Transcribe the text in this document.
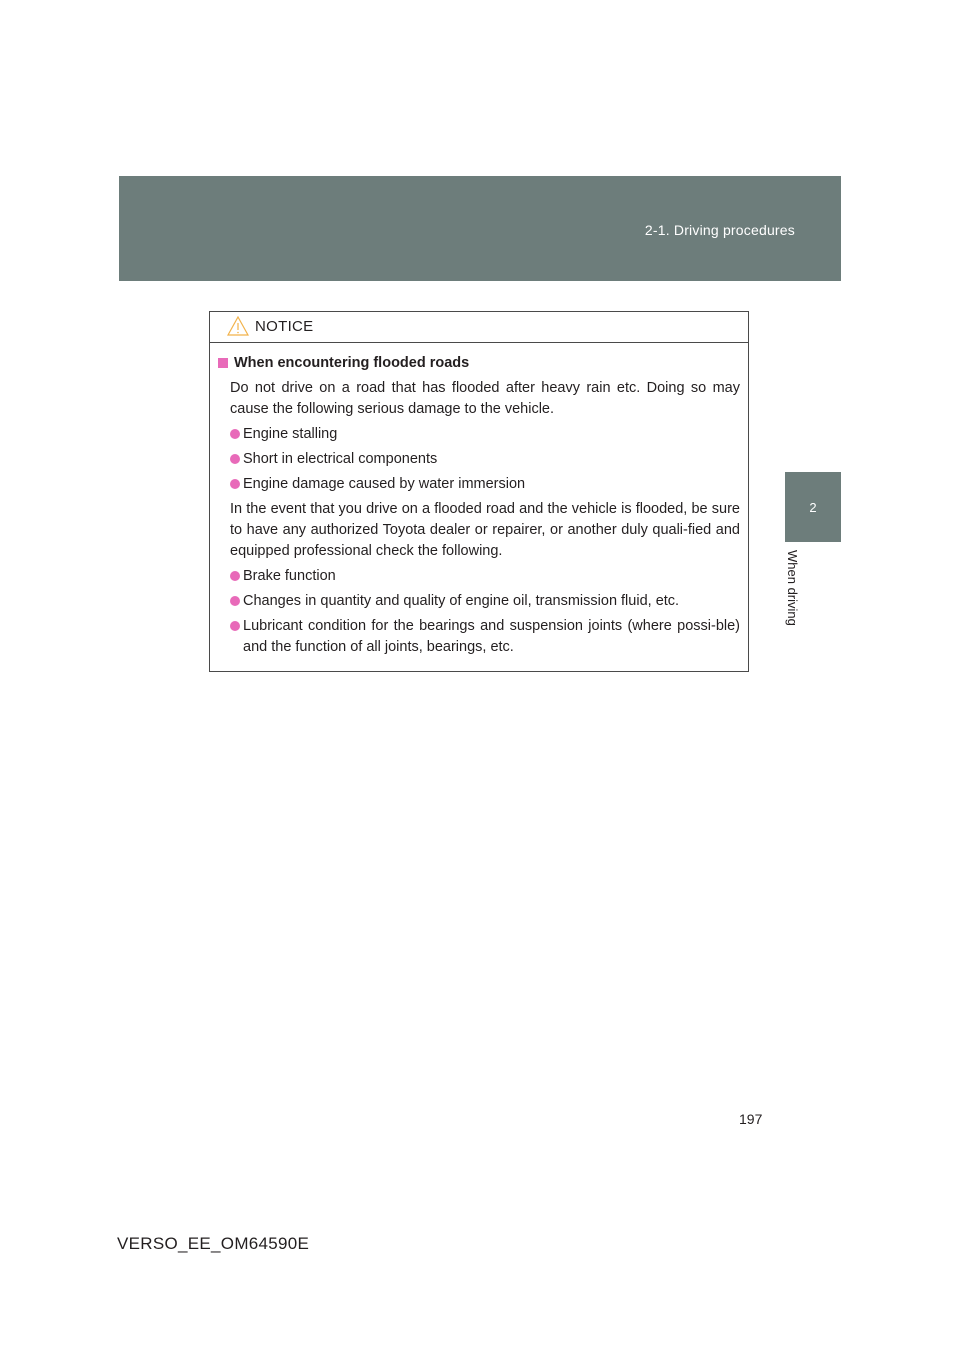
2-1. Driving procedures
2
When driving
NOTICE
When encountering flooded roads
Do not drive on a road that has flooded after heavy rain etc. Doing so may cause the following serious damage to the vehicle.
Engine stalling
Short in electrical components
Engine damage caused by water immersion
In the event that you drive on a flooded road and the vehicle is flooded, be sure to have any authorized Toyota dealer or repairer, or another duly quali-fied and equipped professional check the following.
Brake function
Changes in quantity and quality of engine oil, transmission fluid, etc.
Lubricant condition for the bearings and suspension joints (where possi-ble) and the function of all joints, bearings, etc.
197
VERSO_EE_OM64590E
